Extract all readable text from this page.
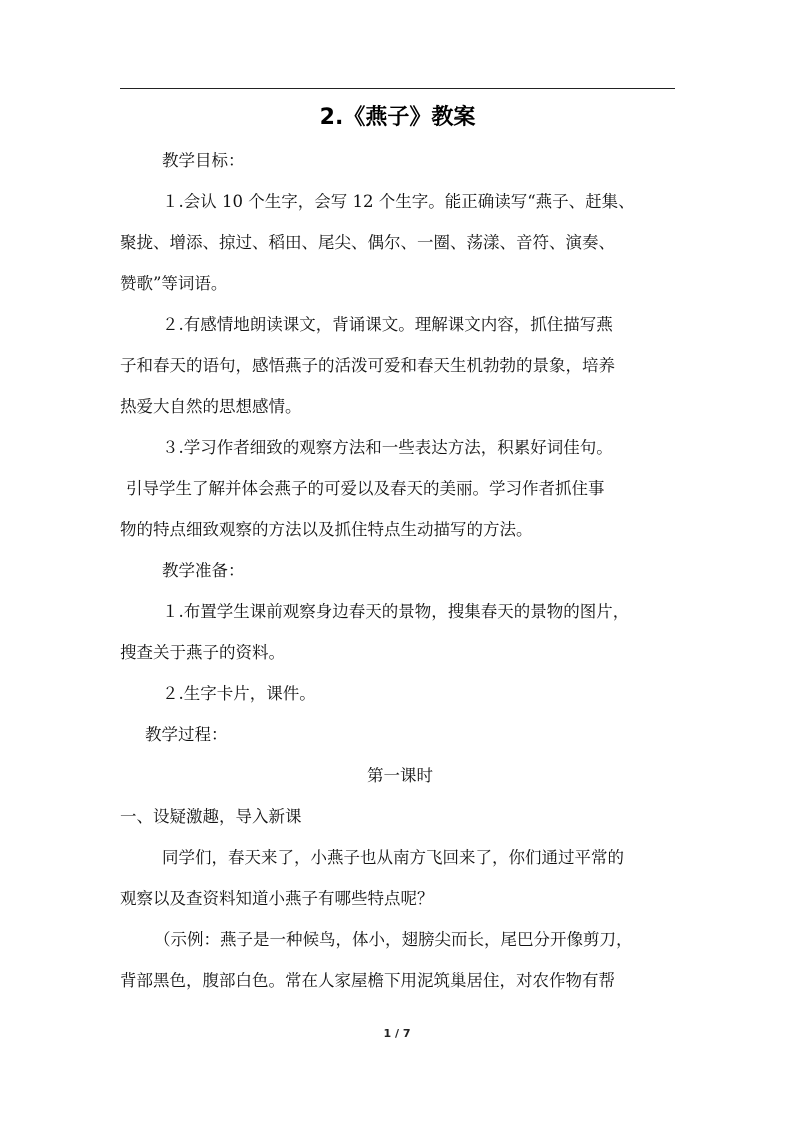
2.《燕子》教案

教学目标：

１.会认 10 个生字，会写 12 个生字。能正确读写“燕子、赶集、
聚拢、增添、掠过、稻田、尾尖、偶尔、一圈、荡漾、音符、演奏、
赞歌”等词语。

２.有感情地朗读课文，背诵课文。理解课文内容，抓住描写燕
子和春天的语句，感悟燕子的活泼可爱和春天生机勃勃的景象，培养
热爱大自然的思想感情。

３.学习作者细致的观察方法和一些表达方法，积累好词佳句。

引导学生了解并体会燕子的可爱以及春天的美丽。学习作者抓住事
物的特点细致观察的方法以及抓住特点生动描写的方法。

教学准备：

１.布置学生课前观察身边春天的景物，搜集春天的景物的图片，
搜查关于燕子的资料。

２.生字卡片，课件。

教学过程：

第一课时

一、设疑激趣，导入新课

同学们，春天来了，小燕子也从南方飞回来了，你们通过平常的
观察以及查资料知道小燕子有哪些特点呢？

（示例：燕子是一种候鸟，体小，翅膀尖而长，尾巴分开像剪刀，
背部黑色，腹部白色。常在人家屋檐下用泥筑巢居住，对农作物有帮

1 / 7
